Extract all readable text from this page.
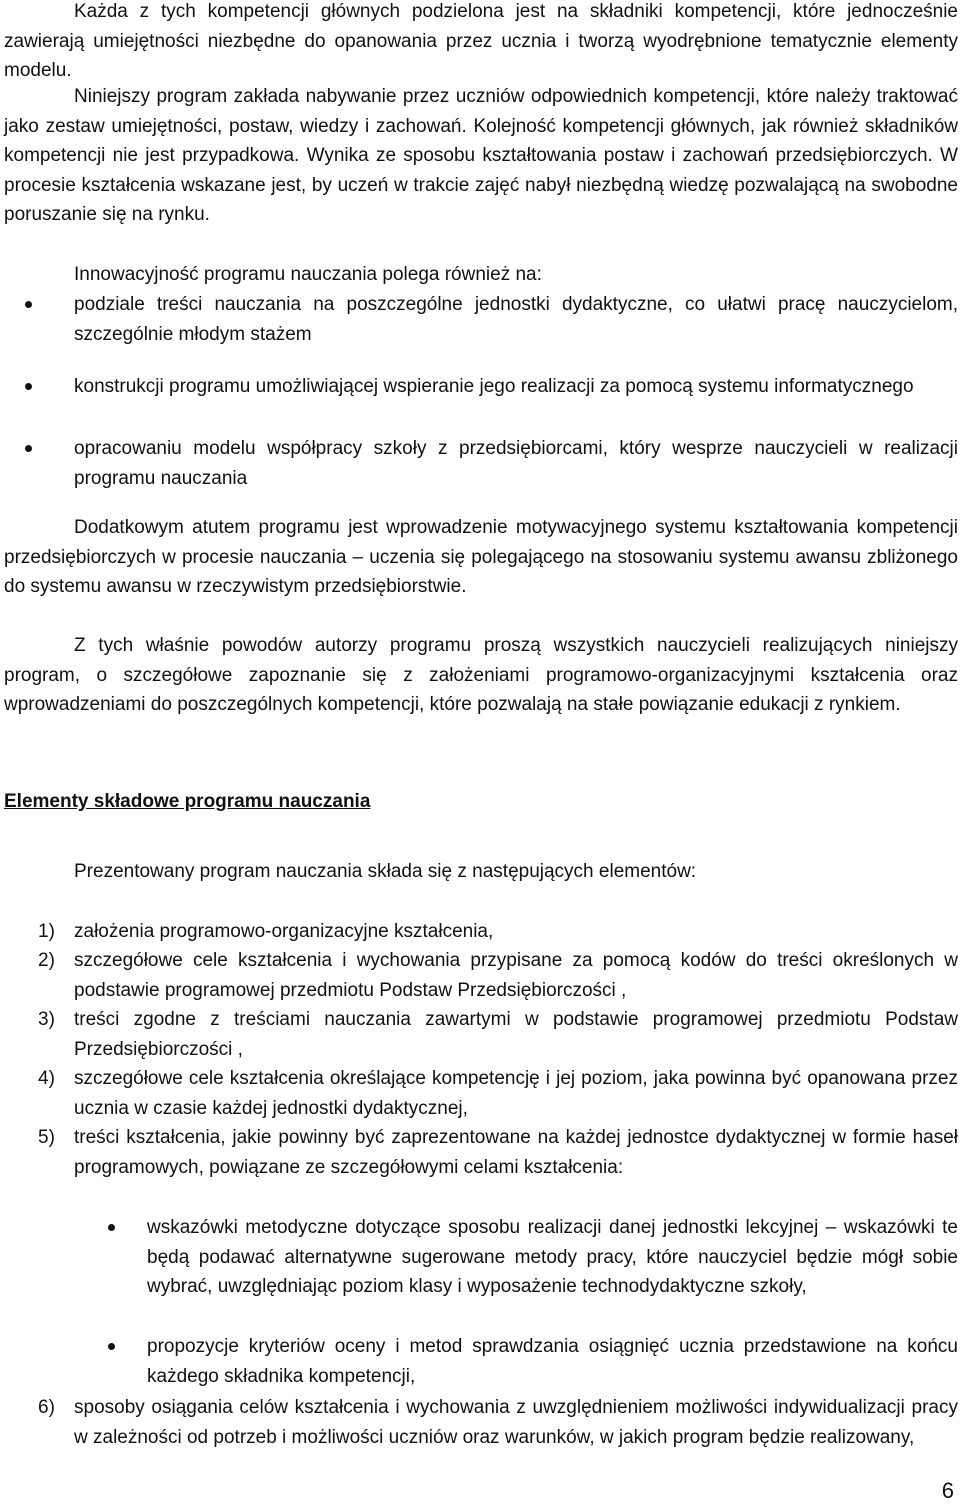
Każda z tych kompetencji głównych podzielona jest na składniki kompetencji, które jednocześnie zawierają umiejętności niezbędne do opanowania przez ucznia i tworzą wyodrębnione tematycznie elementy modelu.

Niniejszy program zakłada nabywanie przez uczniów odpowiednich kompetencji, które należy traktować jako zestaw umiejętności, postaw, wiedzy i zachowań. Kolejność kompetencji głównych, jak również składników kompetencji nie jest przypadkowa. Wynika ze sposobu kształtowania postaw i zachowań przedsiębiorczych. W procesie kształcenia wskazane jest, by uczeń w trakcie zajęć nabył niezbędną wiedzę pozwalającą na swobodne poruszanie się na rynku.

Innowacyjność programu nauczania polega również na:

podziale treści nauczania na poszczególne jednostki dydaktyczne, co ułatwi pracę nauczycielom, szczególnie młodym stażem
konstrukcji programu umożliwiającej wspieranie jego realizacji za pomocą systemu informatycznego
opracowaniu modelu współpracy szkoły z przedsiębiorcami, który wesprze nauczycieli w realizacji programu nauczania

Dodatkowym atutem programu jest wprowadzenie motywacyjnego systemu kształtowania kompetencji przedsiębiorczych w procesie nauczania – uczenia się polegającego na stosowaniu systemu awansu zbliżonego do systemu awansu w rzeczywistym przedsiębiorstwie.

Z tych właśnie powodów autorzy programu proszą wszystkich nauczycieli realizujących niniejszy program, o szczegółowe zapoznanie się z założeniami programowo-organizacyjnymi kształcenia oraz wprowadzeniami do poszczególnych kompetencji, które pozwalają na stałe powiązanie edukacji z rynkiem.

Elementy składowe programu nauczania

Prezentowany program nauczania składa się z następujących elementów:

1) założenia programowo-organizacyjne kształcenia,
2) szczegółowe cele kształcenia i wychowania przypisane za pomocą kodów do treści określonych w podstawie programowej przedmiotu Podstaw Przedsiębiorczości ,
3) treści zgodne z treściami nauczania zawartymi w podstawie programowej przedmiotu Podstaw Przedsiębiorczości ,
4) szczegółowe cele kształcenia określające kompetencję i jej poziom, jaka powinna być opanowana przez ucznia w czasie każdej jednostki dydaktycznej,
5) treści kształcenia, jakie powinny być zaprezentowane na każdej jednostce dydaktycznej w formie haseł programowych, powiązane ze szczegółowymi celami kształcenia:
wskazówki metodyczne dotyczące sposobu realizacji danej jednostki lekcyjnej – wskazówki te będą podawać alternatywne sugerowane metody pracy, które nauczyciel będzie mógł sobie wybrać, uwzględniając poziom klasy i wyposażenie technodydaktyczne szkoły,
propozycje kryteriów oceny i metod sprawdzania osiągnięć ucznia przedstawione na końcu każdego składnika kompetencji,
6) sposoby osiągania celów kształcenia i wychowania z uwzględnieniem możliwości indywidualizacji pracy w zależności od potrzeb i możliwości uczniów oraz warunków, w jakich program będzie realizowany,
6
